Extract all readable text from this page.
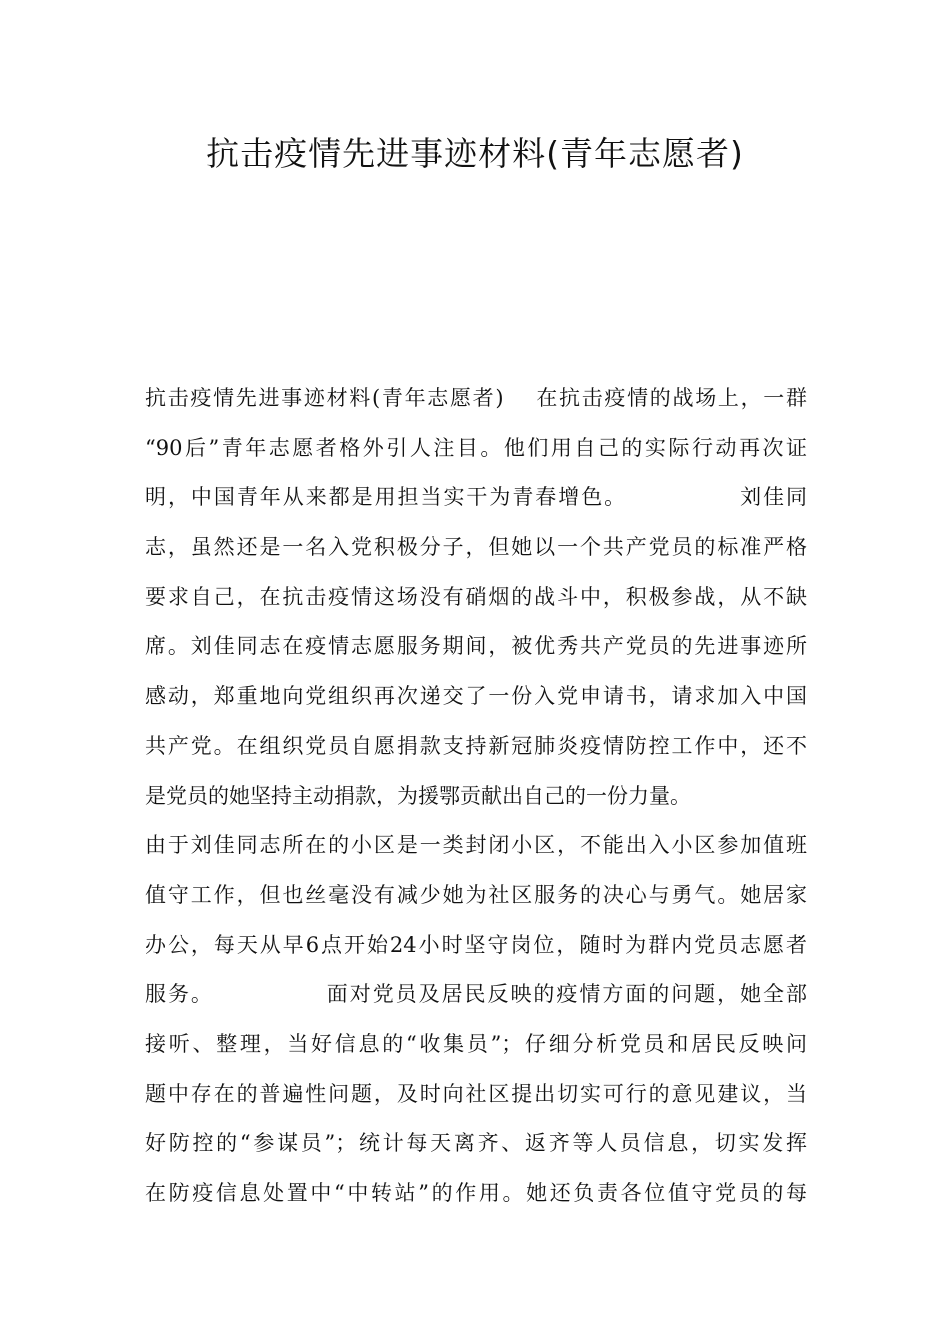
抗击疫情先进事迹材料(青年志愿者)
抗击疫情先进事迹材料(青年志愿者)　 在抗击疫情的战场上，一群
“90后”青年志愿者格外引人注目。他们用自己的实际行动再次证
明，中国青年从来都是用担当实干为青春增色。　　　　　 刘佳同
志，虽然还是一名入党积极分子，但她以一个共产党员的标准严格
要求自己，在抗击疫情这场没有硝烟的战斗中，积极参战，从不缺
席。刘佳同志在疫情志愿服务期间，被优秀共产党员的先进事迹所
感动，郑重地向党组织再次递交了一份入党申请书，请求加入中国
共产党。在组织党员自愿捐款支持新冠肺炎疫情防控工作中，还不
是党员的她坚持主动捐款，为援鄂贡献出自己的一份力量。
由于刘佳同志所在的小区是一类封闭小区，不能出入小区参加值班
值守工作，但也丝毫没有减少她为社区服务的决心与勇气。她居家
办公，每天从早6点开始24小时坚守岗位，随时为群内党员志愿者
服务。　　　　　 面对党员及居民反映的疫情方面的问题，她全部
接听、整理，当好信息的“收集员”；仔细分析党员和居民反映问
题中存在的普遍性问题，及时向社区提出切实可行的意见建议，当
好防控的“参谋员”；统计每天离齐、返齐等人员信息，切实发挥
在防疫信息处置中“中转站”的作用。她还负责各位值守党员的每
